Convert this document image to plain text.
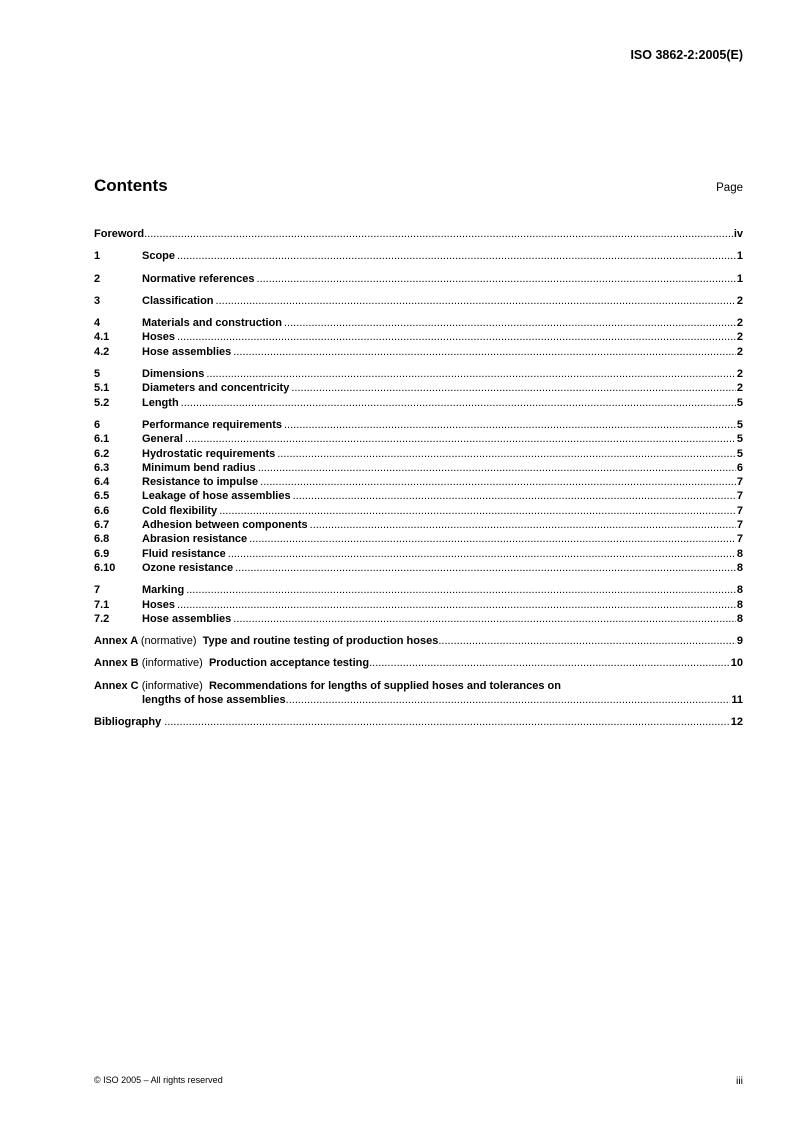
ISO 3862-2:2005(E)
Contents	Page
Foreword .....	iv
1	Scope .....	1
2	Normative references .....	1
3	Classification .....	2
4	Materials and construction .....	2
4.1	Hoses .....	2
4.2	Hose assemblies .....	2
5	Dimensions .....	2
5.1	Diameters and concentricity .....	2
5.2	Length .....	5
6	Performance requirements .....	5
6.1	General .....	5
6.2	Hydrostatic requirements .....	5
6.3	Minimum bend radius .....	6
6.4	Resistance to impulse .....	7
6.5	Leakage of hose assemblies .....	7
6.6	Cold flexibility .....	7
6.7	Adhesion between components .....	7
6.8	Abrasion resistance .....	7
6.9	Fluid resistance .....	8
6.10	Ozone resistance .....	8
7	Marking .....	8
7.1	Hoses .....	8
7.2	Hose assemblies .....	8
Annex A (normative) Type and routine testing of production hoses .....	9
Annex B (informative) Production acceptance testing .....	10
Annex C (informative) Recommendations for lengths of supplied hoses and tolerances on
lengths of hose assemblies .....	11
Bibliography .....	12
© ISO 2005 – All rights reserved	iii
